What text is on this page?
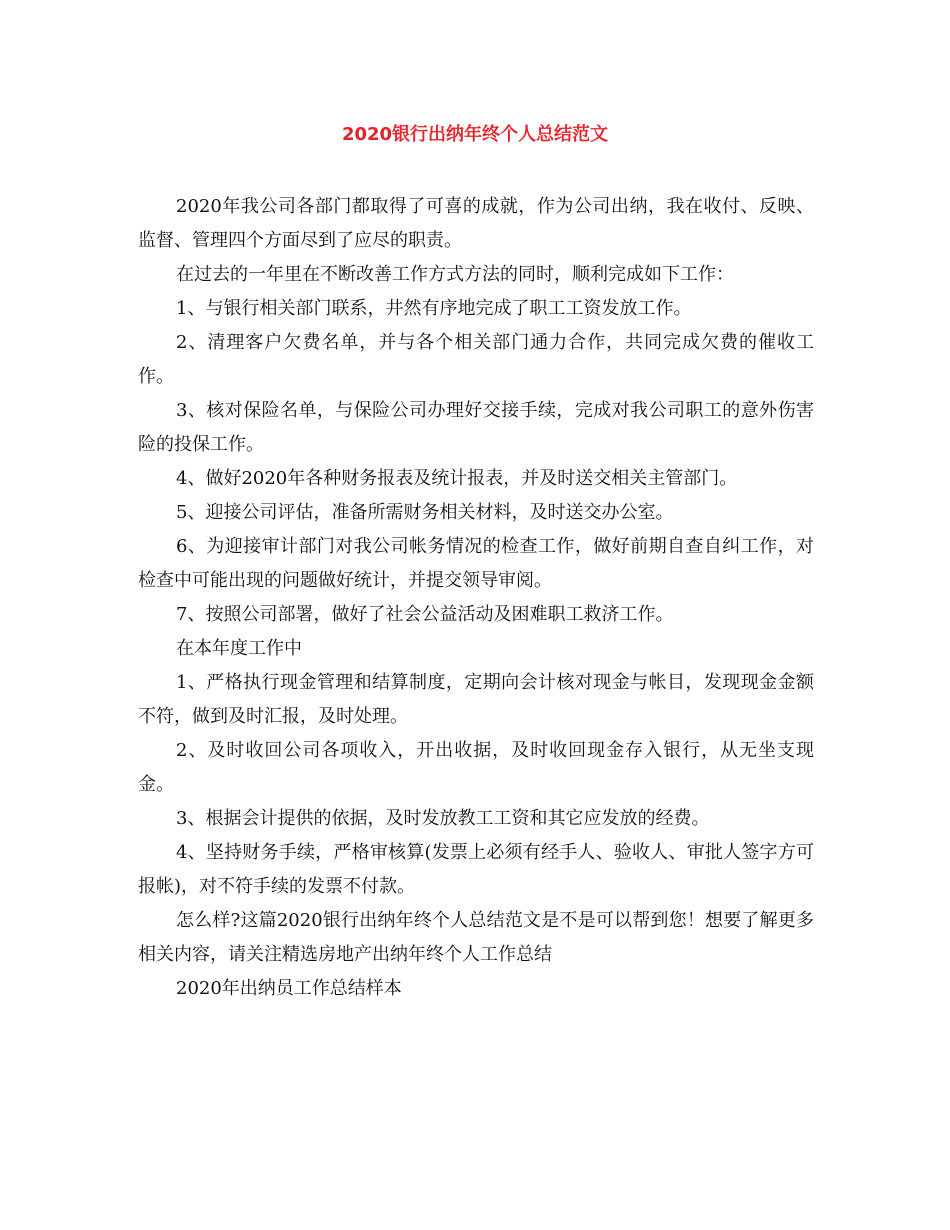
2020银行出纳年终个人总结范文

2020年我公司各部门都取得了可喜的成就，作为公司出纳，我在收付、反映、监督、管理四个方面尽到了应尽的职责。

在过去的一年里在不断改善工作方式方法的同时，顺利完成如下工作：

1、与银行相关部门联系，井然有序地完成了职工工资发放工作。

2、清理客户欠费名单，并与各个相关部门通力合作，共同完成欠费的催收工作。

3、核对保险名单，与保险公司办理好交接手续，完成对我公司职工的意外伤害险的投保工作。

4、做好2020年各种财务报表及统计报表，并及时送交相关主管部门。

5、迎接公司评估，准备所需财务相关材料，及时送交办公室。

6、为迎接审计部门对我公司帐务情况的检查工作，做好前期自查自纠工作，对检查中可能出现的问题做好统计，并提交领导审阅。

7、按照公司部署，做好了社会公益活动及困难职工救济工作。

在本年度工作中

1、严格执行现金管理和结算制度，定期向会计核对现金与帐目，发现现金金额不符，做到及时汇报，及时处理。

2、及时收回公司各项收入，开出收据，及时收回现金存入银行，从无坐支现金。

3、根据会计提供的依据，及时发放教工工资和其它应发放的经费。

4、坚持财务手续，严格审核算(发票上必须有经手人、验收人、审批人签字方可报帐)，对不符手续的发票不付款。

怎么样?这篇2020银行出纳年终个人总结范文是不是可以帮到您！想要了解更多相关内容，请关注精选房地产出纳年终个人工作总结

2020年出纳员工作总结样本
